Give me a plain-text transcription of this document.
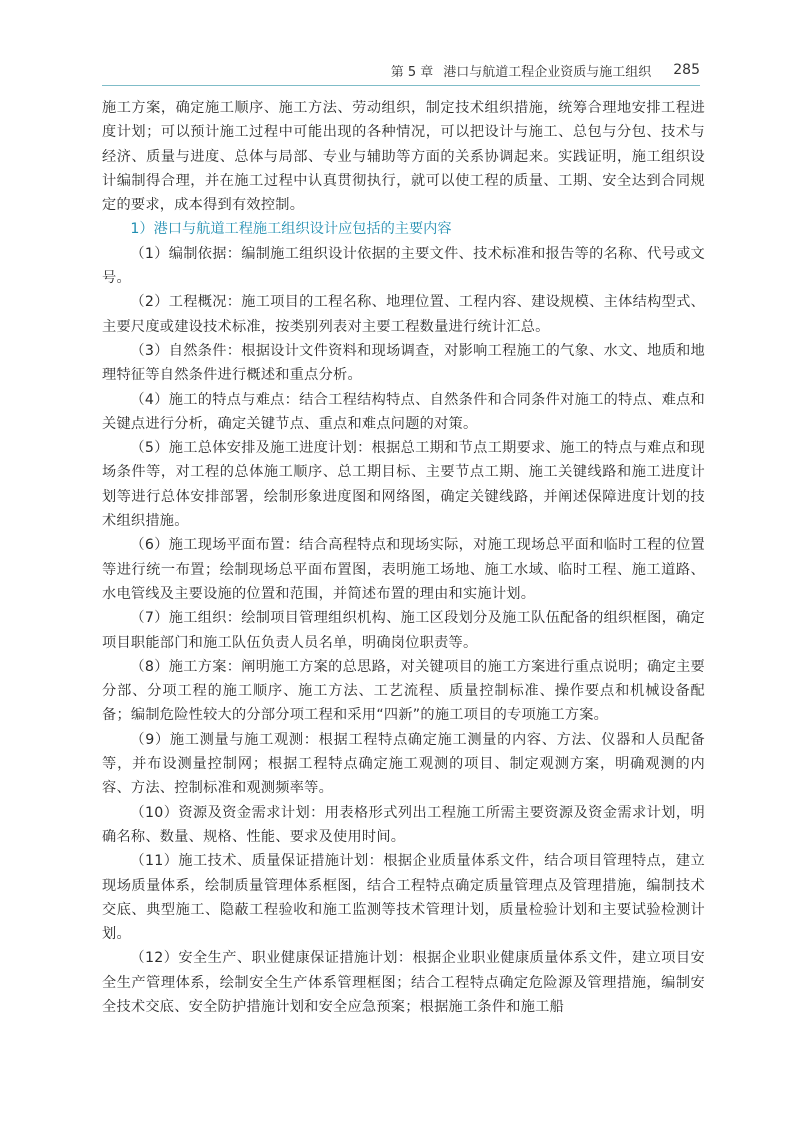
第 5 章 港口与航道工程企业资质与施工组织 285

施工方案，确定施工顺序、施工方法、劳动组织，制定技术组织措施，统筹合理地安排工程进度计划；可以预计施工过程中可能出现的各种情况，可以把设计与施工、总包与分包、技术与经济、质量与进度、总体与局部、专业与辅助等方面的关系协调起来。实践证明，施工组织设计编制得合理，并在施工过程中认真贯彻执行，就可以使工程的质量、工期、安全达到合同规定的要求，成本得到有效控制。

1）港口与航道工程施工组织设计应包括的主要内容

（1）编制依据：编制施工组织设计依据的主要文件、技术标准和报告等的名称、代号或文号。

（2）工程概况：施工项目的工程名称、地理位置、工程内容、建设规模、主体结构型式、主要尺度或建设技术标准，按类别列表对主要工程数量进行统计汇总。

（3）自然条件：根据设计文件资料和现场调查，对影响工程施工的气象、水文、地质和地理特征等自然条件进行概述和重点分析。

（4）施工的特点与难点：结合工程结构特点、自然条件和合同条件对施工的特点、难点和关键点进行分析，确定关键节点、重点和难点问题的对策。

（5）施工总体安排及施工进度计划：根据总工期和节点工期要求、施工的特点与难点和现场条件等，对工程的总体施工顺序、总工期目标、主要节点工期、施工关键线路和施工进度计划等进行总体安排部署，绘制形象进度图和网络图，确定关键线路，并阐述保障进度计划的技术组织措施。

（6）施工现场平面布置：结合高程特点和现场实际，对施工现场总平面和临时工程的位置等进行统一布置；绘制现场总平面布置图，表明施工场地、施工水域、临时工程、施工道路、水电管线及主要设施的位置和范围，并简述布置的理由和实施计划。

（7）施工组织：绘制项目管理组织机构、施工区段划分及施工队伍配备的组织框图，确定项目职能部门和施工队伍负责人员名单，明确岗位职责等。

（8）施工方案：阐明施工方案的总思路，对关键项目的施工方案进行重点说明；确定主要分部、分项工程的施工顺序、施工方法、工艺流程、质量控制标准、操作要点和机械设备配备；编制危险性较大的分部分项工程和采用“四新”的施工项目的专项施工方案。

（9）施工测量与施工观测：根据工程特点确定施工测量的内容、方法、仪器和人员配备等，并布设测量控制网；根据工程特点确定施工观测的项目、制定观测方案，明确观测的内容、方法、控制标准和观测频率等。

（10）资源及资金需求计划：用表格形式列出工程施工所需主要资源及资金需求计划，明确名称、数量、规格、性能、要求及使用时间。

（11）施工技术、质量保证措施计划：根据企业质量体系文件，结合项目管理特点，建立现场质量体系，绘制质量管理体系框图，结合工程特点确定质量管理点及管理措施，编制技术交底、典型施工、隐蔽工程验收和施工监测等技术管理计划，质量检验计划和主要试验检测计划。

（12）安全生产、职业健康保证措施计划：根据企业职业健康质量体系文件，建立项目安全生产管理体系，绘制安全生产体系管理框图；结合工程特点确定危险源及管理措施，编制安全技术交底、安全防护措施计划和安全应急预案；根据施工条件和施工船
